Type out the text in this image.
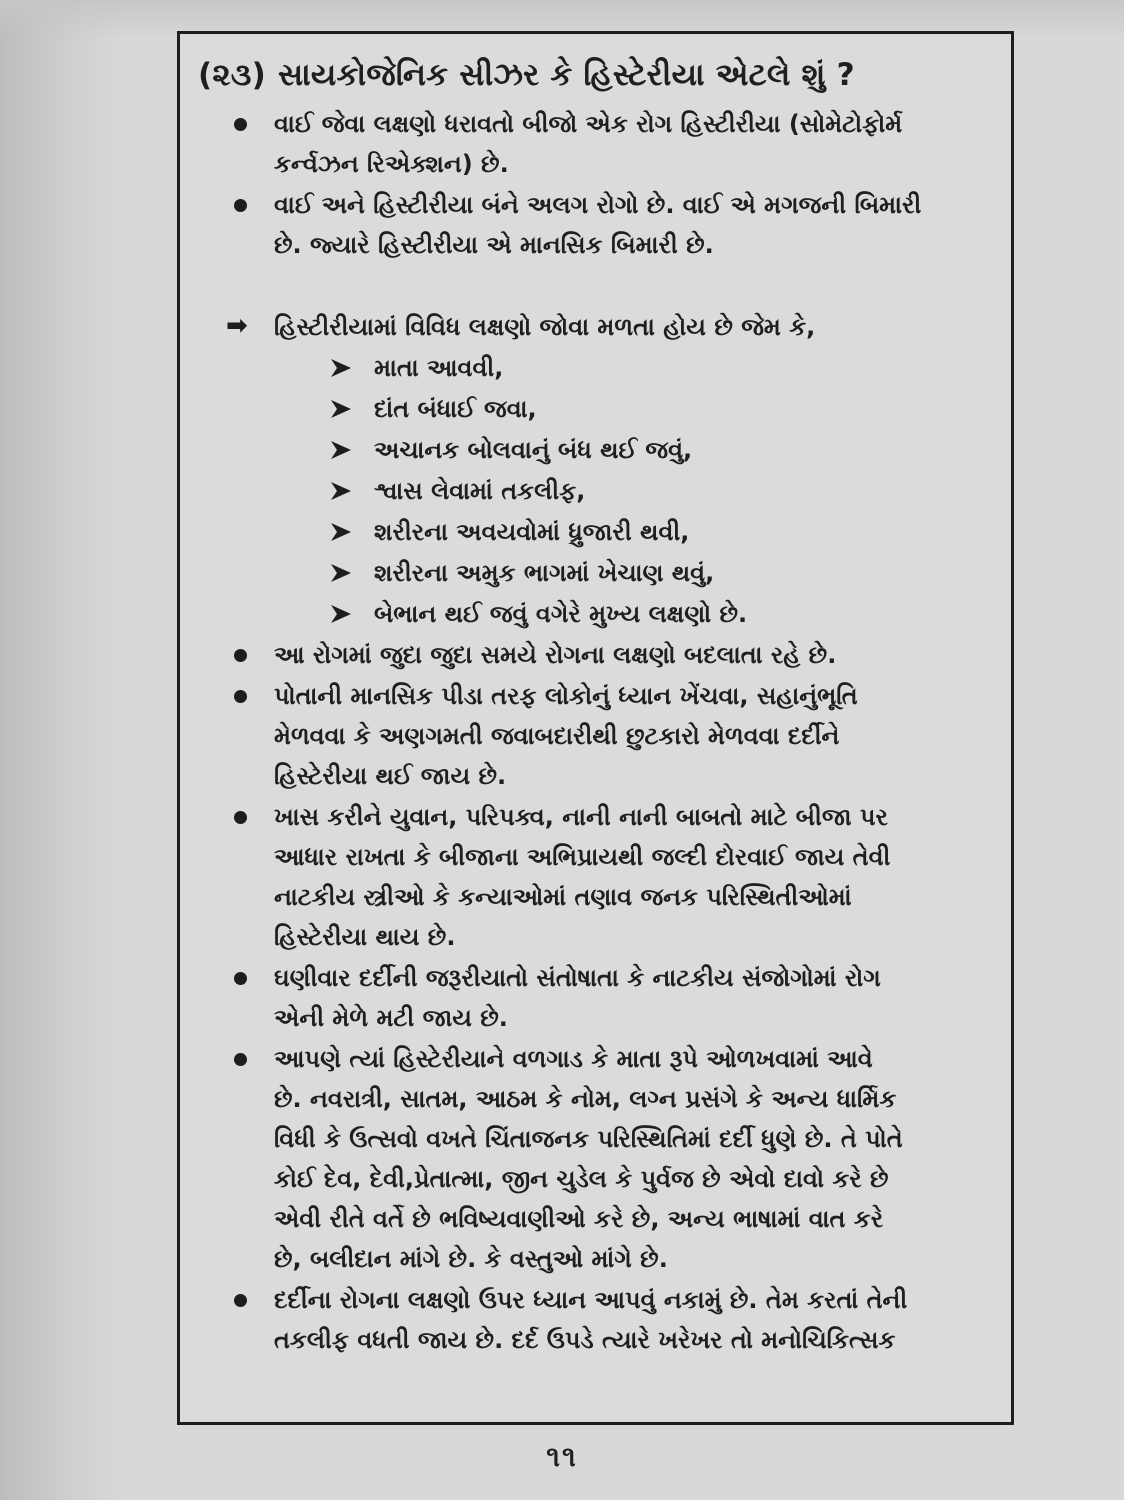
(૨૩) સાયકોજેનિક સીઝર કે હિસ્ટેરીયા એટલે શું ?
વાઈ જેવા લક્ષણો ધરાવતો બીજો એક રોગ હિસ્ટીરીયા (સોમેટોફોર્મ
કર્ન્વઝન રિએક્શન) છે.
વાઈ અને હિસ્ટીરીયા બંને અલગ રોગો છે. વાઈ એ મગજની બિમારી
છે. જ્યારે હિસ્ટીરીયા એ માનસિક બિમારી છે.
➡ હિસ્ટીરીયામાં વિવિધ લક્ષણો જોવા મળતા હોય છે જેમ કે,
માતા આવવી,
દાંત બંધાઈ જવા,
અચાનક બોલવાનું બંધ થઈ જવું,
શ્વાસ લેવામાં તકલીફ,
શરીરના અવયવોમાં ધ્રુજારી થવી,
શરીરના અમુક ભાગમાં ખેચાણ થવું,
બેભાન થઈ જવું વગેરે મુખ્ય લક્ષણો છે.
આ રોગમાં જુદા જુદા સમયે રોગના લક્ષણો બદલાતા રહે છે.
પોતાની માનસિક પીડા તરફ લોકોનું ધ્યાન ખેંચવા, સહાનુંભૂતિ
મેળવવા કે અણગમતી જવાબદારીથી છુટકારો મેળવવા દર્દીને
હિસ્ટેરીયા થઈ જાય છે.
ખાસ કરીને યુવાન, પરિપક્વ, નાની નાની બાબતો માટે બીજા પર
આધાર રાખતા કે બીજાના અભિપ્રાયથી જલ્દી દોરવાઈ જાય તેવી
નાટકીય સ્ત્રીઓ કે કન્યાઓમાં તણાવ જનક પરિસ્થિતીઓમાં
હિસ્ટેરીયા થાય છે.
ઘણીવાર દર્દીની જરૂરીયાતો સંતોષાતા કે નાટકીય સંજોગોમાં રોગ
એની મેળે મટી જાય છે.
આપણે ત્યાં હિસ્ટેરીયાને વળગાડ કે માતા રૂપે ઓળખવામાં આવે
છે. નવરાત્રી, સાતમ, આઠમ કે નોમ, લગ્ન પ્રસંગે કે અન્ય ધાર્મિક
વિધી કે ઉત્સવો વખતે ચિંતાજનક પરિસ્થિતિમાં દર્દી ધુણે છે. તે પોતે
કોઈ દેવ, દેવી,પ્રેતાત્મા, જીન ચુડેલ કે પુર્વજ છે એવો દાવો કરે છે
એવી રીતે વર્તે છે ભવિષ્યવાણીઓ કરે છે, અન્ય ભાષામાં વાત કરે
છે, બલીદાન માંગે છે. કે વસ્તુઓ માંગે છે.
દર્દીના રોગના લક્ષણો ઉપર ધ્યાન આપવું નકામું છે. તેમ કરતાં તેની
તકલીફ વધતી જાય છે. દર્દ ઉપડે ત્યારે ખરેખર તો મનોચિકિત્સક
૧૧
